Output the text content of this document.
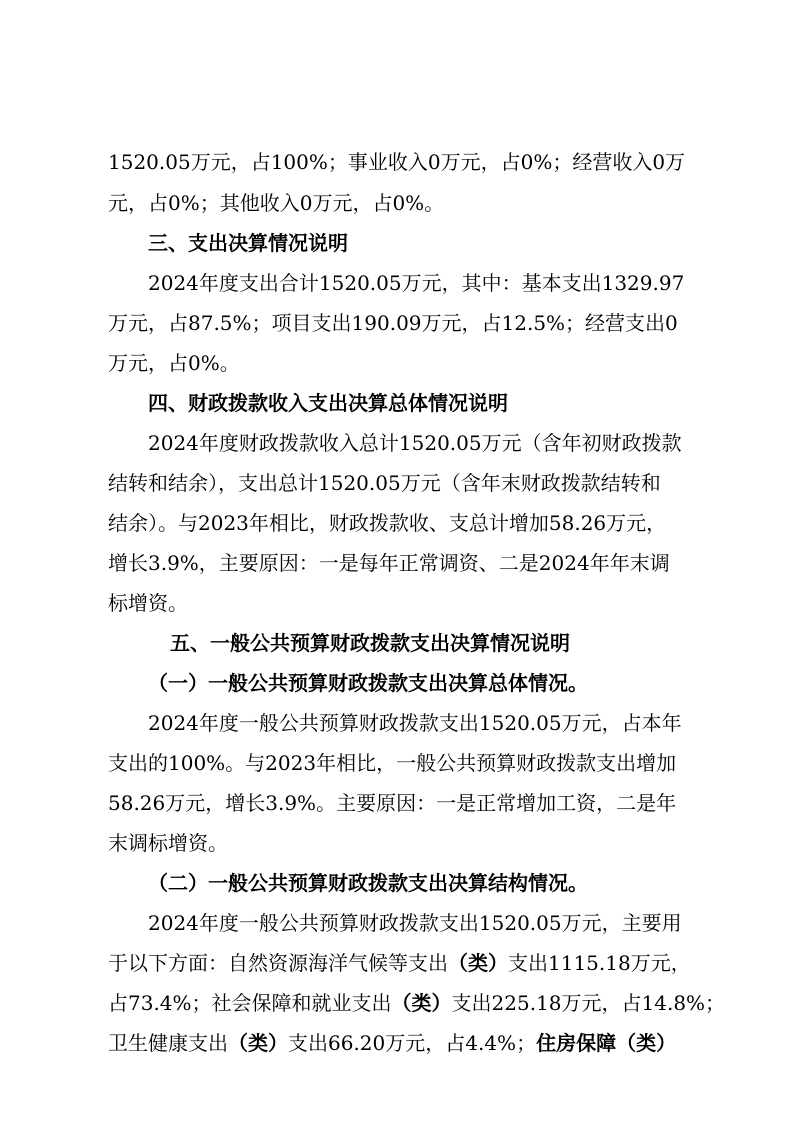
1520.05万元，占100%；事业收入0万元，占0%；经营收入0万
元，占0%；其他收入0万元，占0%。
三、支出决算情况说明
2024年度支出合计1520.05万元，其中：基本支出1329.97
万元，占87.5%；项目支出190.09万元，占12.5%；经营支出0
万元，占0%。
四、财政拨款收入支出决算总体情况说明
2024年度财政拨款收入总计1520.05万元（含年初财政拨款
结转和结余），支出总计1520.05万元（含年末财政拨款结转和
结余）。与2023年相比，财政拨款收、支总计增加58.26万元，
增长3.9%，主要原因：一是每年正常调资、二是2024年年末调
标增资。
五、一般公共预算财政拨款支出决算情况说明
（一）一般公共预算财政拨款支出决算总体情况。
2024年度一般公共预算财政拨款支出1520.05万元，占本年
支出的100%。与2023年相比，一般公共预算财政拨款支出增加
58.26万元，增长3.9%。主要原因：一是正常增加工资，二是年
末调标增资。
（二）一般公共预算财政拨款支出决算结构情况。
2024年度一般公共预算财政拨款支出1520.05万元，主要用
于以下方面：自然资源海洋气候等支出（类）支出1115.18万元，
占73.4%；社会保障和就业支出（类）支出225.18万元，占14.8%；
卫生健康支出（类）支出66.20万元，占4.4%；住房保障（类）
